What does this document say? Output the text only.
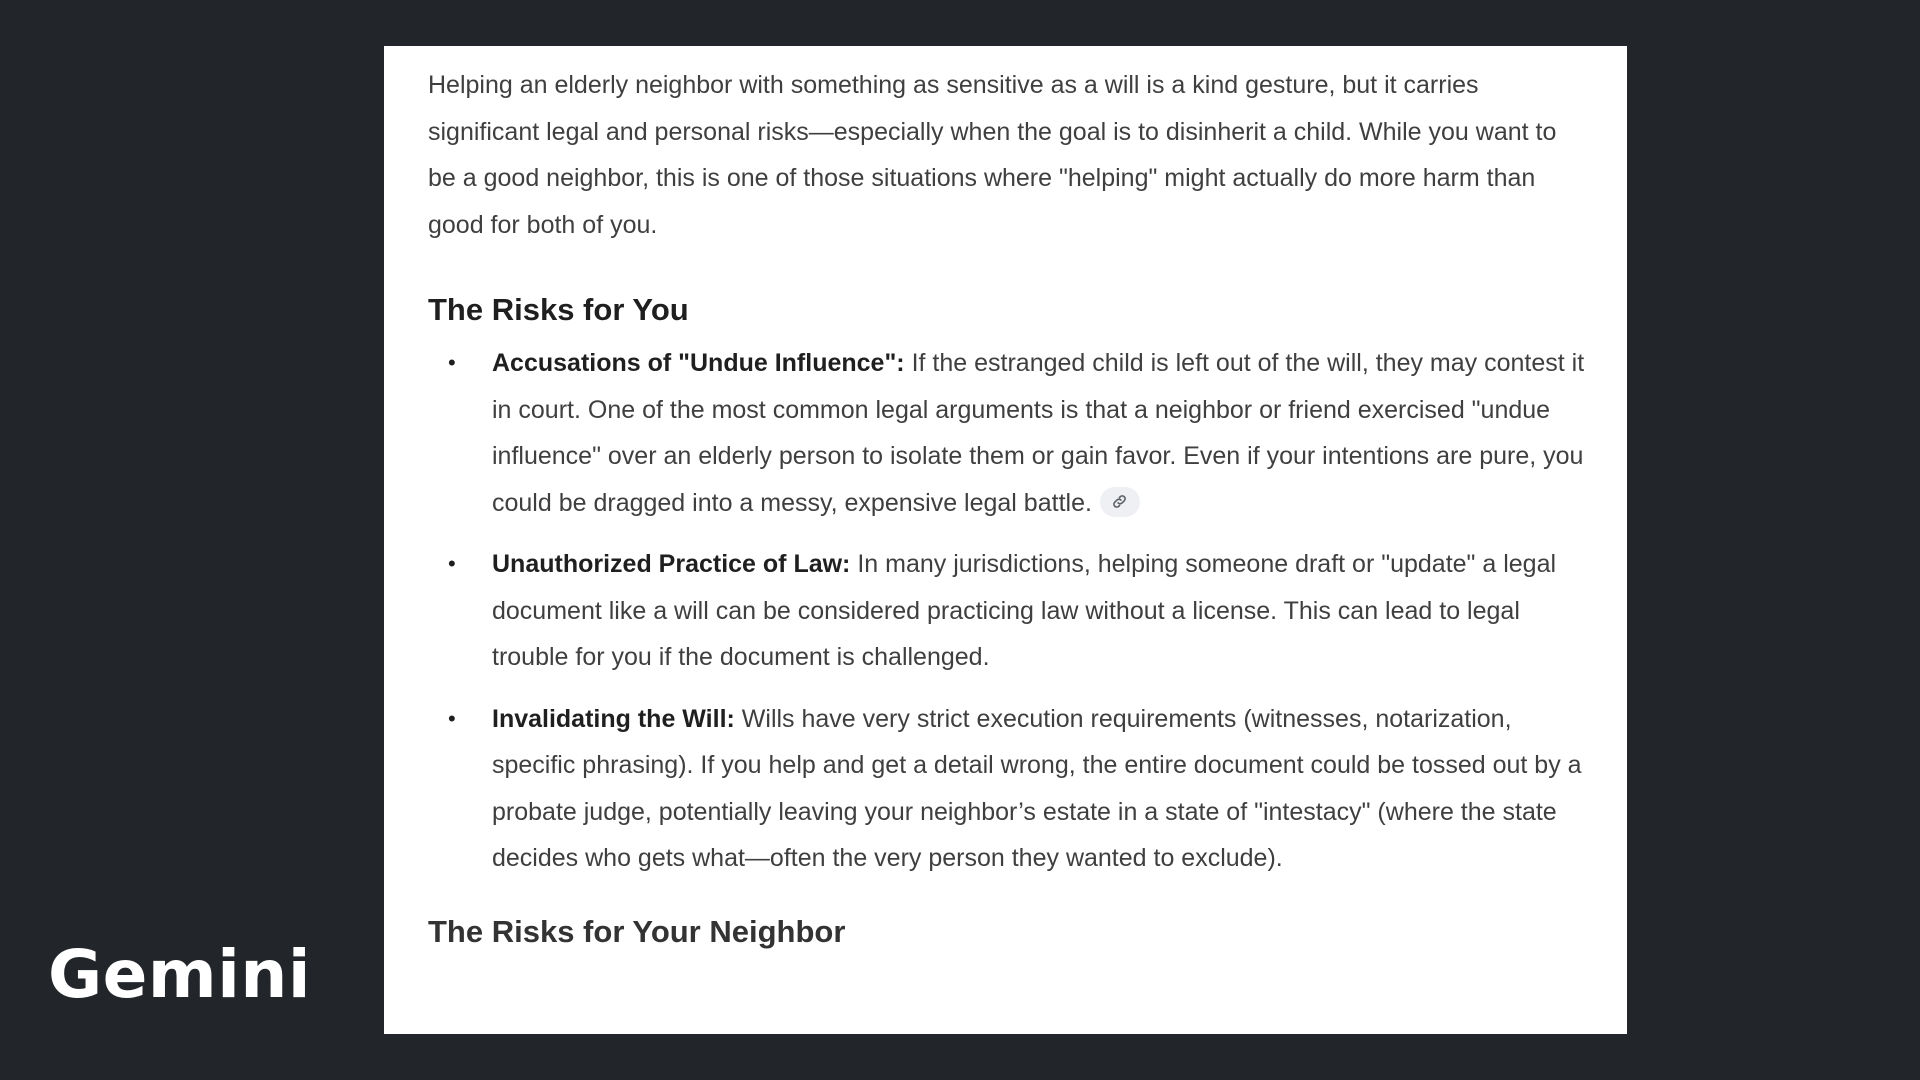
Helping an elderly neighbor with something as sensitive as a will is a kind gesture, but it carries significant legal and personal risks—especially when the goal is to disinherit a child. While you want to be a good neighbor, this is one of those situations where "helping" might actually do more harm than good for both of you.

The Risks for You
• Accusations of "Undue Influence": If the estranged child is left out of the will, they may contest it in court. One of the most common legal arguments is that a neighbor or friend exercised "undue influence" over an elderly person to isolate them or gain favor. Even if your intentions are pure, you could be dragged into a messy, expensive legal battle.
• Unauthorized Practice of Law: In many jurisdictions, helping someone draft or "update" a legal document like a will can be considered practicing law without a license. This can lead to legal trouble for you if the document is challenged.
• Invalidating the Will: Wills have very strict execution requirements (witnesses, notarization, specific phrasing). If you help and get a detail wrong, the entire document could be tossed out by a probate judge, potentially leaving your neighbor’s estate in a state of "intestacy" (where the state decides who gets what—often the very person they wanted to exclude).
The Risks for Your Neighbor
Gemini
